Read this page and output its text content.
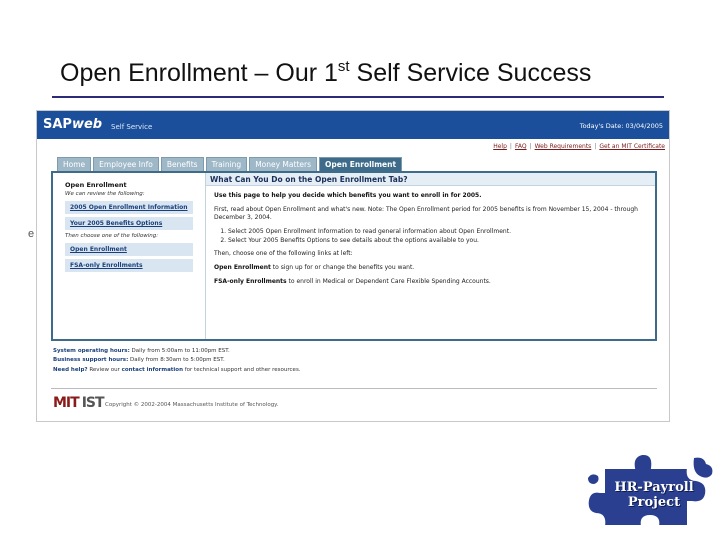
Open Enrollment – Our 1st Self Service Success
e
SAPweb Self Service	Today's Date: 03/04/2005
Help | FAQ | Web Requirements | Get an MIT Certificate
Home	Employee Info	Benefits	Training	Money Matters	Open Enrollment
Open Enrollment
We can review the following:
2005 Open Enrollment Information
Your 2005 Benefits Options
Then choose one of the following:
Open Enrollment
FSA-only Enrollments
What Can You Do on the Open Enrollment Tab?

Use this page to help you decide which benefits you want to enroll in for 2005.

First, read about Open Enrollment and what's new. Note: The Open Enrollment period for 2005 benefits is from November 15, 2004 - through December 3, 2004.

1. Select 2005 Open Enrollment Information to read general information about Open Enrollment.
2. Select Your 2005 Benefits Options to see details about the options available to you.

Then, choose one of the following links at left:

Open Enrollment to sign up for or change the benefits you want.

FSA-only Enrollments to enroll in Medical or Dependent Care Flexible Spending Accounts.

System operating hours: Daily from 5:00am to 11:00pm EST.
Business support hours: Daily from 8:30am to 5:00pm EST.
Need help? Review our contact information for technical support and other resources.
MIT IST Copyright © 2002-2004 Massachusetts Institute of Technology.
HR-Payroll
Project
